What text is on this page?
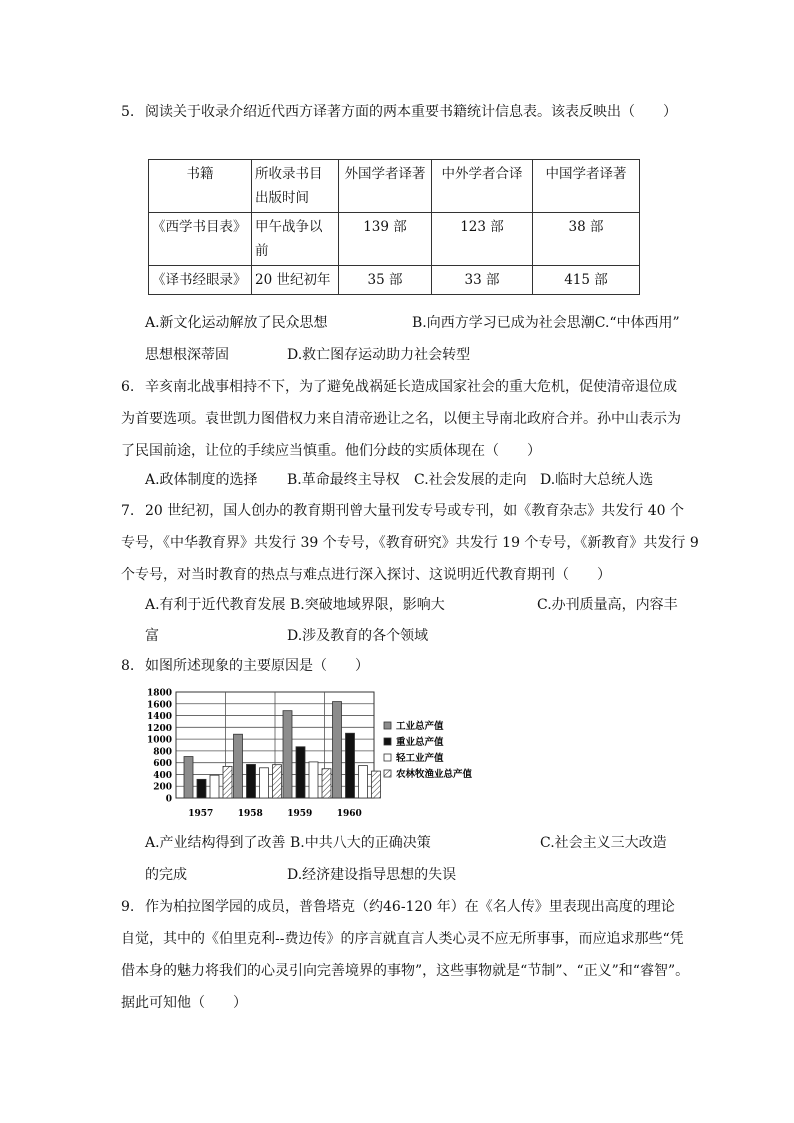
5. 阅读关于收录介绍近代西方译著方面的两本重要书籍统计信息表。该表反映出（　　）
书籍	所收录书目出版时间	外国学者译著	中外学者合译	中国学者译著
《西学书目表》	甲午战争以前	139 部	123 部	38 部
《译书经眼录》	20 世纪初年	35 部	33 部	415 部
A.新文化运动解放了民众思想	B.向西方学习已成为社会思潮C.“中体西用”
思想根深蒂固	D.救亡图存运动助力社会转型
6. 辛亥南北战事相持不下，为了避免战祸延长造成国家社会的重大危机，促使清帝退位成
为首要选项。袁世凯力图借权力来自清帝逊让之名，以便主导南北政府合并。孙中山表示为
了民国前途，让位的手续应当慎重。他们分歧的实质体现在（　　）
A.政体制度的选择 B.革命最终主导权 C.社会发展的走向 D.临时大总统人选
7. 20 世纪初，国人创办的教育期刊曾大量刊发专号或专刊，如《教育杂志》共发行 40 个
专号，《中华教育界》共发行 39 个专号，《教育研究》共发行 19 个专号，《新教育》共发行 9
个专号，对当时教育的热点与难点进行深入探讨、这说明近代教育期刊（　　）
A.有利于近代教育发展 B.突破地域界限，影响大	C.办刊质量高，内容丰
富	D.涉及教育的各个领域
8. 如图所述现象的主要原因是（　　）
0
200
400
600
800
1000
1200
1400
1600
1800
1957	1958	1959	1960
工业总产值
重业总产值
轻工业产值
农林牧渔业总产值
A.产业结构得到了改善 B.中共八大的正确决策	C.社会主义三大改造
的完成	D.经济建设指导思想的失误
9. 作为柏拉图学园的成员，普鲁塔克（约46-120 年）在《名人传》里表现出高度的理论
自觉，其中的《伯里克利--费边传》的序言就直言人类心灵不应无所事事，而应追求那些“凭
借本身的魅力将我们的心灵引向完善境界的事物”，这些事物就是“节制”、“正义”和“睿智”。
据此可知他（　　）
